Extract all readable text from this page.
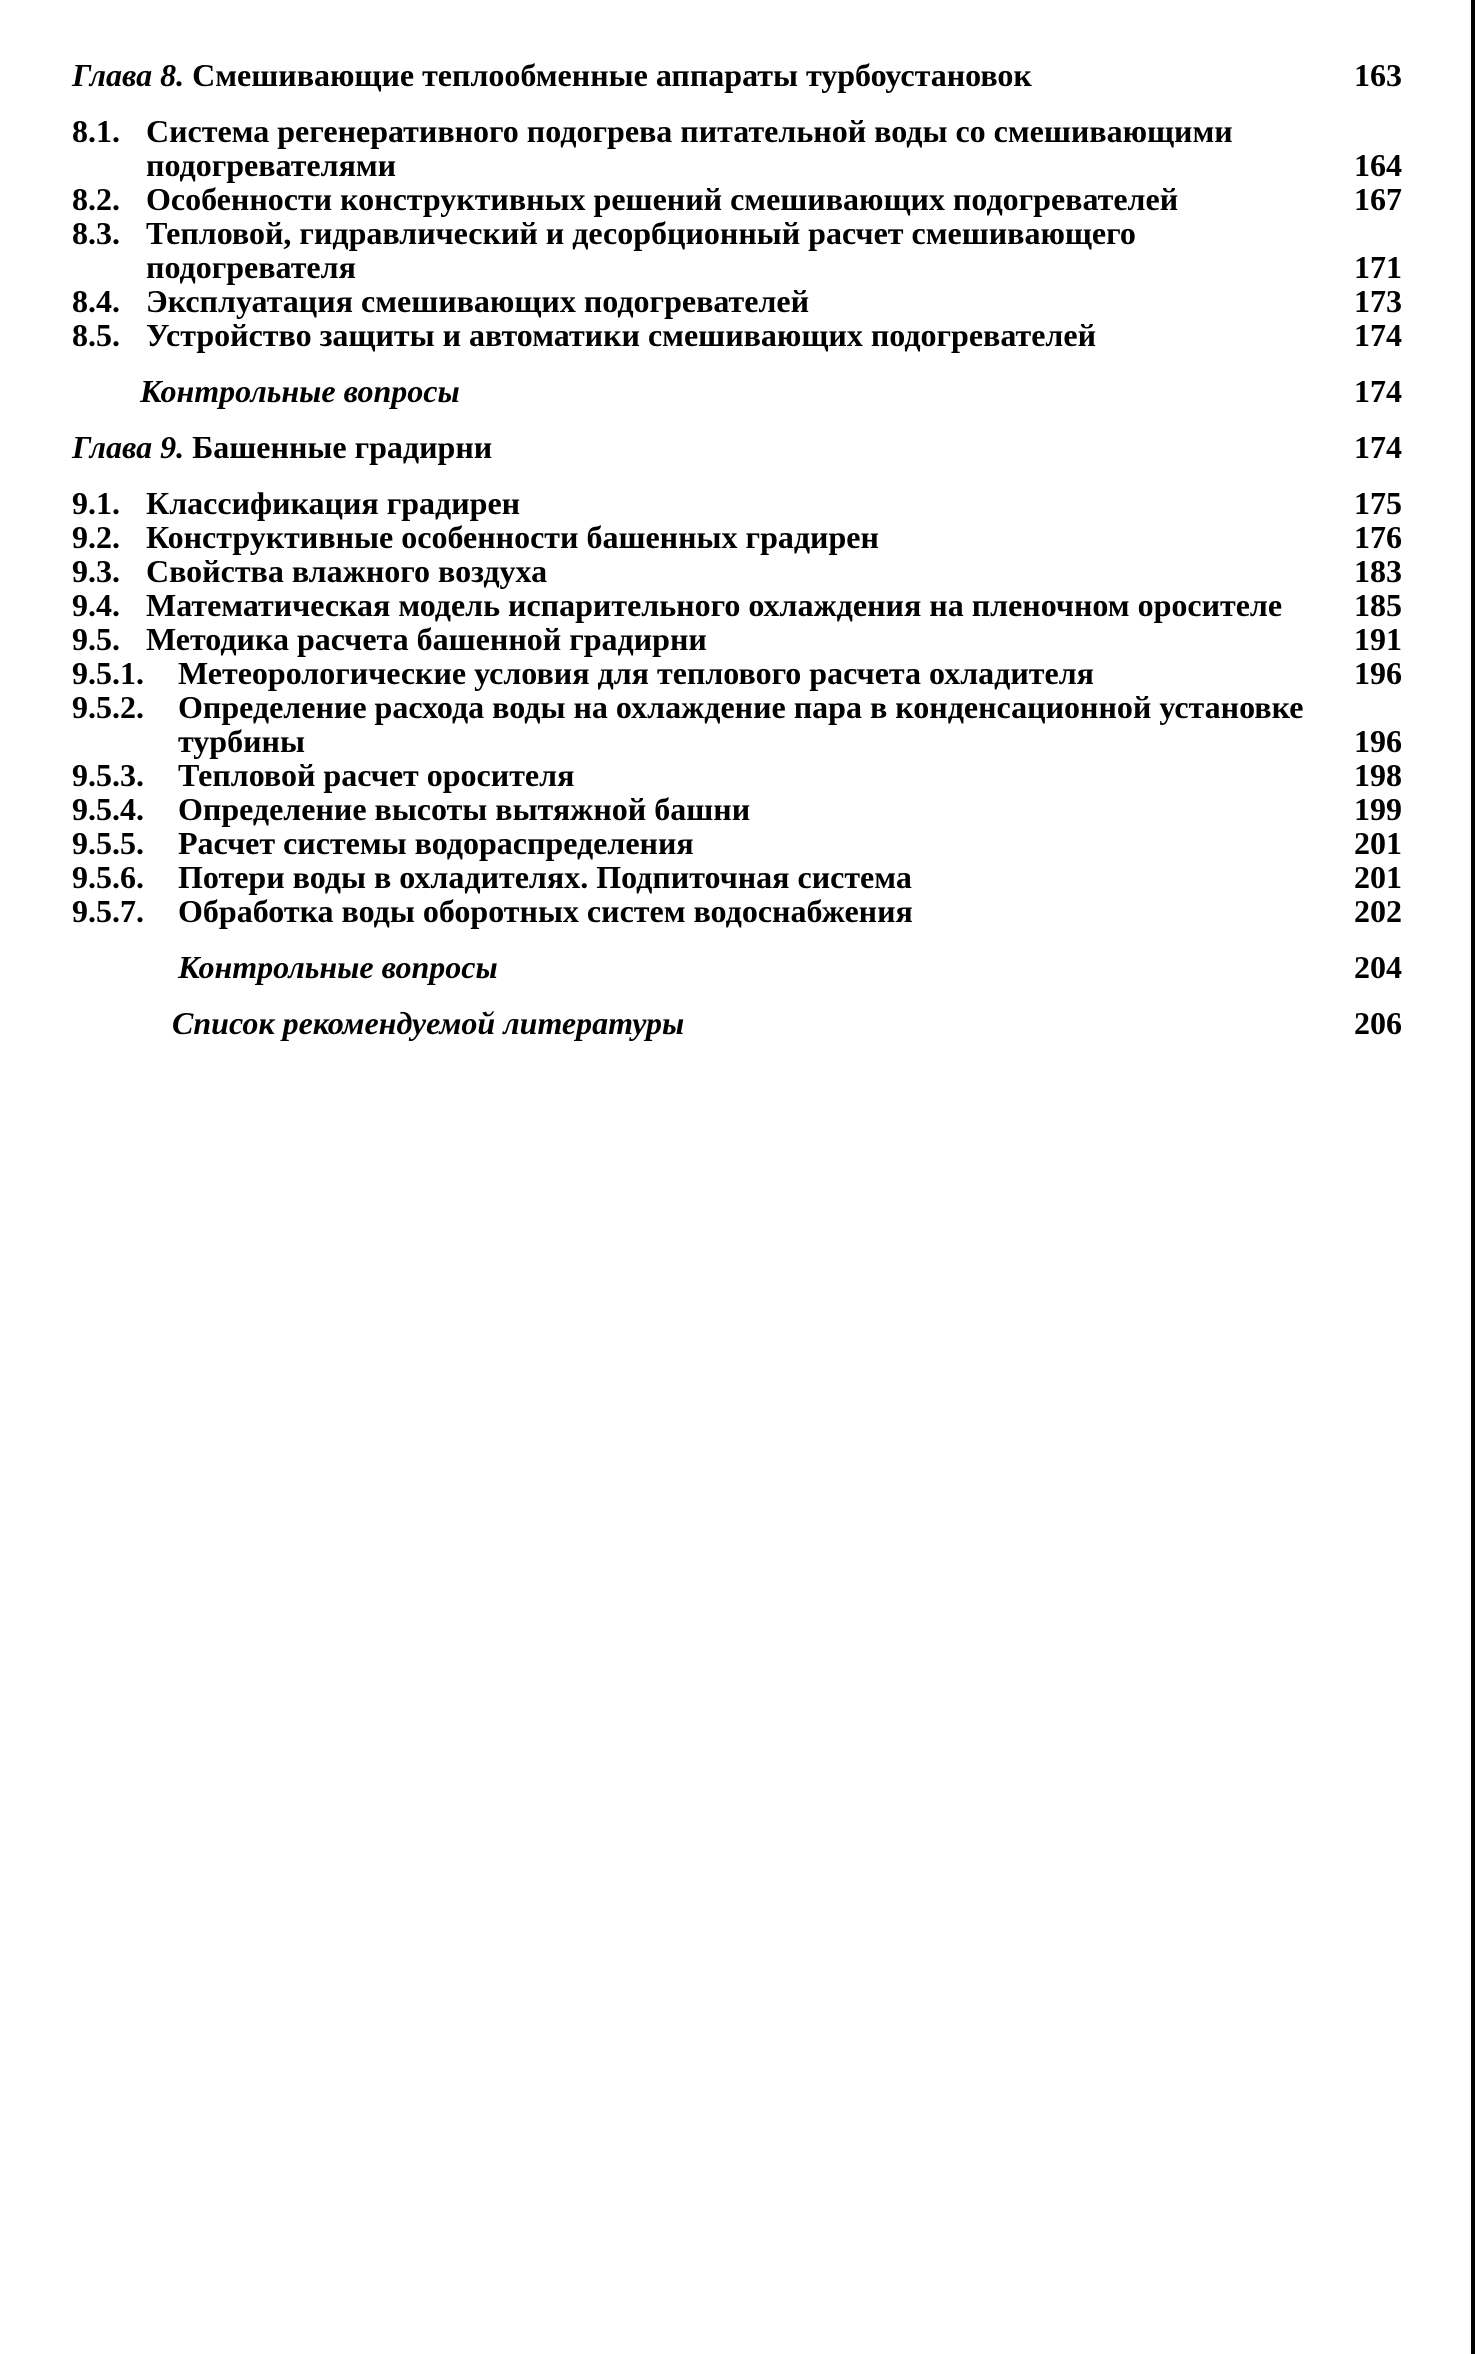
Глава 8. Смешивающие теплообменные аппараты турбоустановок	163
8.1. Система регенеративного подогрева питательной воды со смешивающими подогревателями	164
8.2. Особенности конструктивных решений смешивающих подогревателей	167
8.3. Тепловой, гидравлический и десорбционный расчет смешивающего подогревателя	171
8.4. Эксплуатация смешивающих подогревателей	173
8.5. Устройство защиты и автоматики смешивающих подогревателей	174
Контрольные вопросы	174
Глава 9. Башенные градирни	174
9.1. Классификация градирен	175
9.2. Конструктивные особенности башенных градирен	176
9.3. Свойства влажного воздуха	183
9.4. Математическая модель испарительного охлаждения на пленочном оросителе	185
9.5. Методика расчета башенной градирни	191
9.5.1.	Метеорологические условия для теплового расчета охладителя	196
9.5.2.	Определение расхода воды на охлаждение пара в конденсационной установке турбины	196
9.5.3.	Тепловой расчет оросителя	198
9.5.4.	Определение высоты вытяжной башни	199
9.5.5.	Расчет системы водораспределения	201
9.5.6.	Потери воды в охладителях. Подпиточная система	201
9.5.7.	Обработка воды оборотных систем водоснабжения	202
Контрольные вопросы	204
Список рекомендуемой литературы	206
